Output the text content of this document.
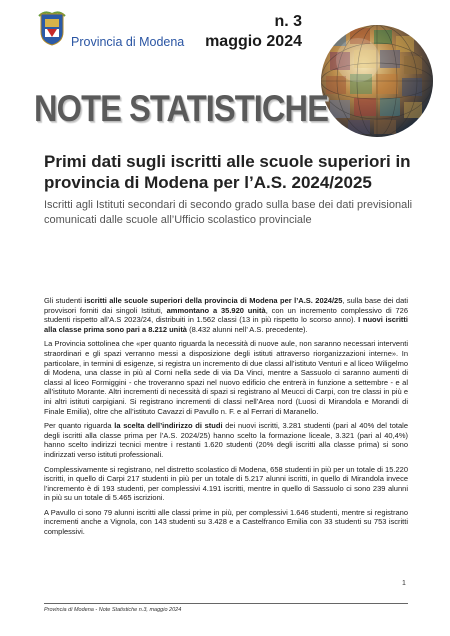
Provincia di Modena
n. 3
maggio 2024
NOTE STATISTICHE
Primi dati sugli iscritti alle scuole superiori in provincia di Modena per l’A.S. 2024/2025
Iscritti agli Istituti secondari di secondo grado sulla base dei dati previsionali comunicati dalle scuole all’Ufficio scolastico provinciale

Gli studenti iscritti alle scuole superiori della provincia di Modena per l’A.S. 2024/25, sulla base dei dati provvisori forniti dai singoli Istituti, ammontano a 35.920 unità, con un incremento complessivo di 726 studenti rispetto all’A.S 2023/24, distribuiti in 1.562 classi (13 in più rispetto lo scorso anno). I nuovi iscritti alla classe prima sono pari a 8.212 unità (8.432 alunni nell’ A.S. precedente).

La Provincia sottolinea che «per quanto riguarda la necessità di nuove aule, non saranno necessari interventi straordinari e gli spazi verranno messi a disposizione degli istituti attraverso riorganizzazioni interne». In particolare, in termini di esigenze, si registra un incremento di due classi all’istituto Venturi e al liceo Wiligelmo di Modena, una classe in più al Corni nella sede di via Da Vinci, mentre a Sassuolo ci saranno aumenti di classi al liceo Formiggini - che troveranno spazi nel nuovo edificio che entrerà in funzione a settembre - e al all’istituto Morante. Altri incrementi di necessità di spazi si registrano al Meucci di Carpi, con tre classi in più e ini altri istituti carpigiani. Si registrano incrementi di classi nell’Area nord (Luosi di Mirandola e Morandi di Finale Emilia), oltre che all’istituto Cavazzi di Pavullo n. F. e al Ferrari di Maranello.

Per quanto riguarda la scelta dell’indirizzo di studi dei nuovi iscritti, 3.281 studenti (pari al 40% del totale degli iscritti alla classe prima per l’A.S. 2024/25) hanno scelto la formazione liceale, 3.321 (pari al 40,4%) hanno scelto indirizzi tecnici mentre i restanti 1.620 studenti (20% degli iscritti alla classe prima) si sono indirizzati verso istituti professionali.

Complessivamente si registrano, nel distretto scolastico di Modena, 658 studenti in più per un totale di 15.220 iscritti, in quello di Carpi 217 studenti in più per un totale di 5.217 alunni iscritti, in quello di Mirandola invece l’incremento è di 193 studenti, per complessivi 4.191 iscritti, mentre in quello di Sassuolo ci sono 239 alunni in più su un totale di 5.465 iscrizioni.

A Pavullo ci sono 79 alunni iscritti alle classi prime in più, per complessivi 1.646 studenti, mentre si registrano incrementi anche a Vignola, con 143 studenti su 3.428 e a Castelfranco Emilia con 33 studenti su 753 iscritti complessivi.

1
Provincia di Modena - Note Statistiche n.3, maggio 2024
